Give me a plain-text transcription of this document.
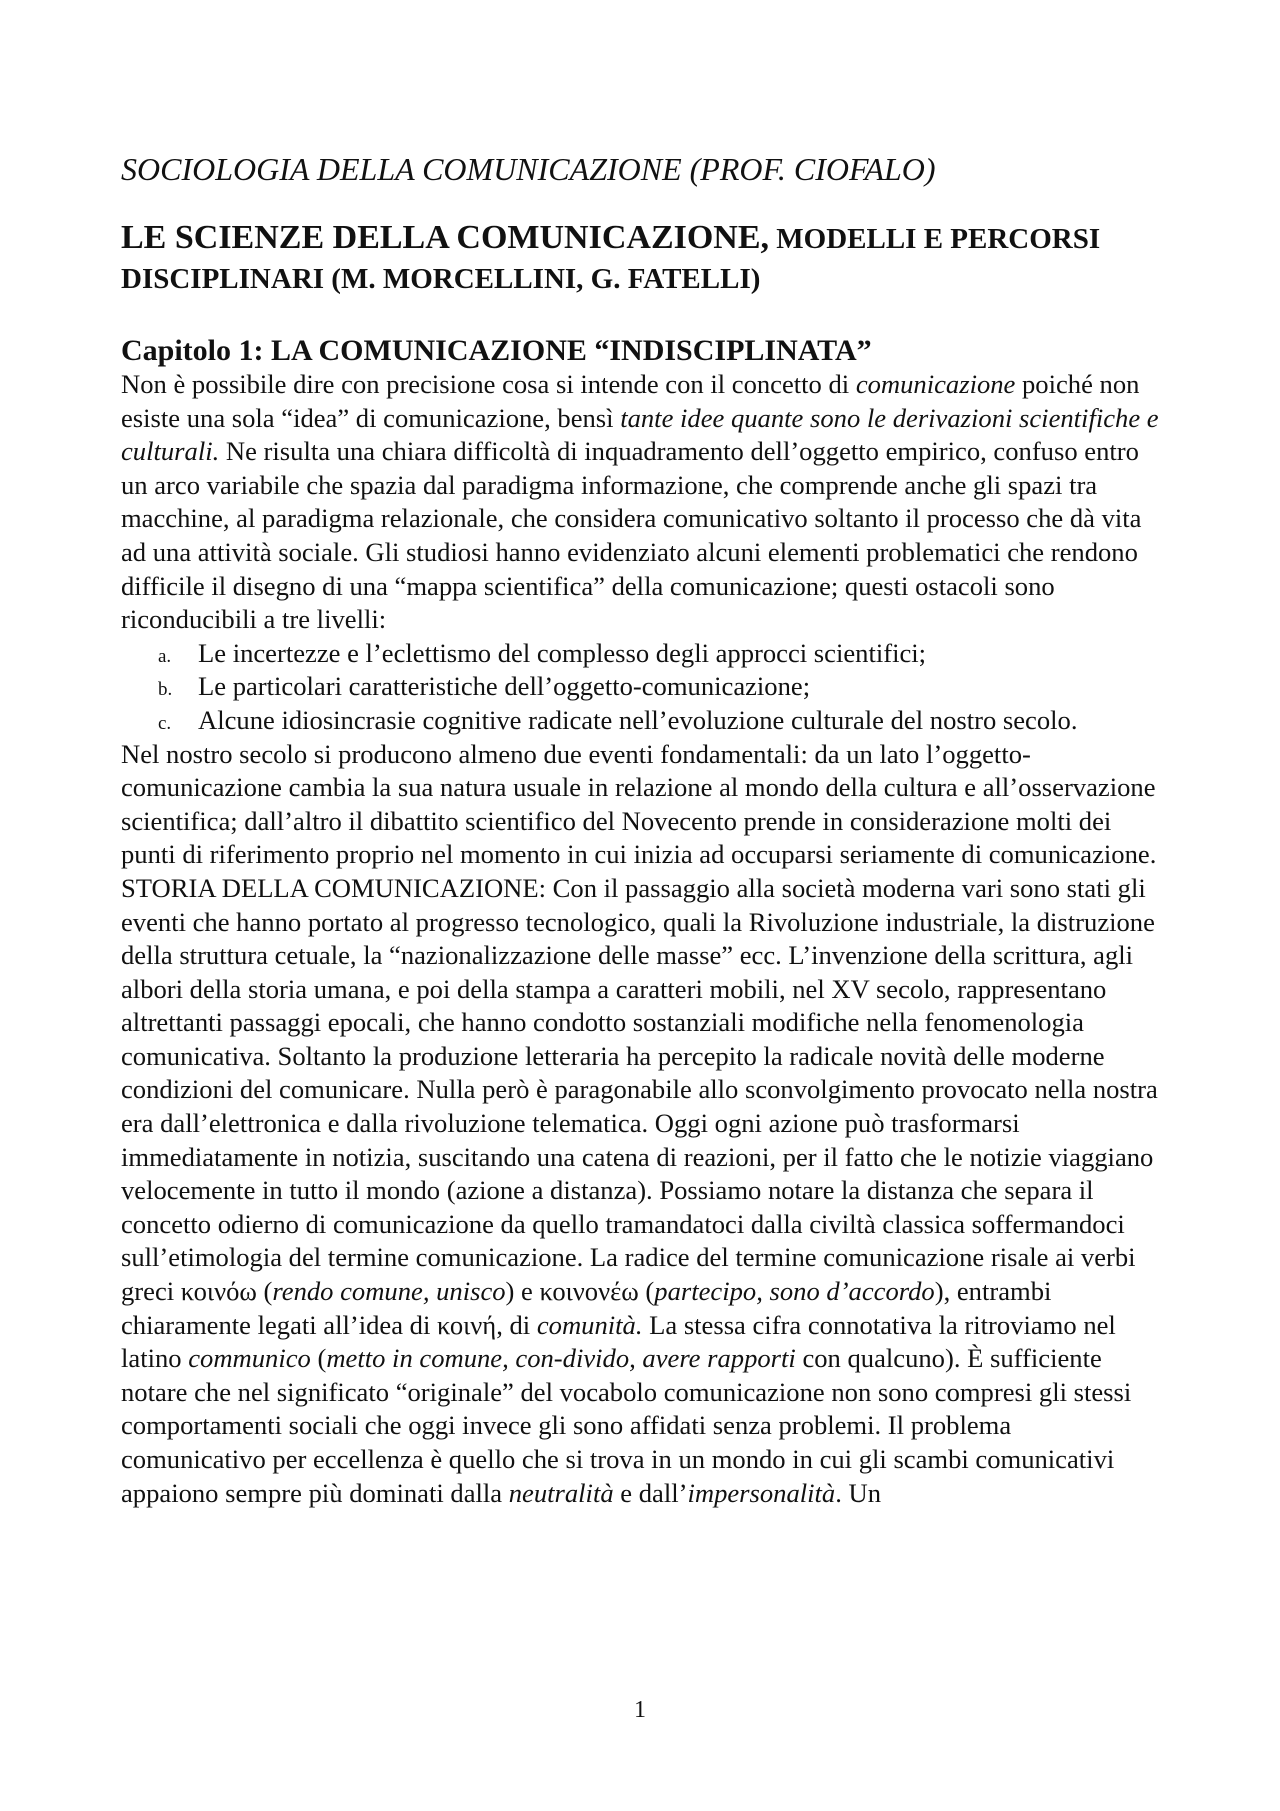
SOCIOLOGIA DELLA COMUNICAZIONE (PROF. CIOFALO)

LE SCIENZE DELLA COMUNICAZIONE, MODELLI E PERCORSI DISCIPLINARI (M. MORCELLINI, G. FATELLI)
Capitolo 1: LA COMUNICAZIONE “INDISCIPLINATA”

Non è possibile dire con precisione cosa si intende con il concetto di comunicazione poiché non esiste una sola “idea” di comunicazione, bensì tante idee quante sono le derivazioni scientifiche e culturali. Ne risulta una chiara difficoltà di inquadramento dell’oggetto empirico, confuso entro un arco variabile che spazia dal paradigma informazione, che comprende anche gli spazi tra macchine, al paradigma relazionale, che considera comunicativo soltanto il processo che dà vita ad una attività sociale. Gli studiosi hanno evidenziato alcuni elementi problematici che rendono difficile il disegno di una “mappa scientifica” della comunicazione; questi ostacoli sono riconducibili a tre livelli:

a. Le incertezze e l’eclettismo del complesso degli approcci scientifici;
b. Le particolari caratteristiche dell’oggetto-comunicazione;
c. Alcune idiosincrasie cognitive radicate nell’evoluzione culturale del nostro secolo.

Nel nostro secolo si producono almeno due eventi fondamentali: da un lato l’oggetto-comunicazione cambia la sua natura usuale in relazione al mondo della cultura e all’osservazione scientifica; dall’altro il dibattito scientifico del Novecento prende in considerazione molti dei punti di riferimento proprio nel momento in cui inizia ad occuparsi seriamente di comunicazione.

STORIA DELLA COMUNICAZIONE: Con il passaggio alla società moderna vari sono stati gli eventi che hanno portato al progresso tecnologico, quali la Rivoluzione industriale, la distruzione della struttura cetuale, la “nazionalizzazione delle masse” ecc. L’invenzione della scrittura, agli albori della storia umana, e poi della stampa a caratteri mobili, nel XV secolo, rappresentano altrettanti passaggi epocali, che hanno condotto sostanziali modifiche nella fenomenologia comunicativa. Soltanto la produzione letteraria ha percepito la radicale novità delle moderne condizioni del comunicare. Nulla però è paragonabile allo sconvolgimento provocato nella nostra era dall’elettronica e dalla rivoluzione telematica. Oggi ogni azione può trasformarsi immediatamente in notizia, suscitando una catena di reazioni, per il fatto che le notizie viaggiano velocemente in tutto il mondo (azione a distanza). Possiamo notare la distanza che separa il concetto odierno di comunicazione da quello tramandatoci dalla civiltà classica soffermandoci sull’etimologia del termine comunicazione. La radice del termine comunicazione risale ai verbi greci κοινόω (rendo comune, unisco) e κοινονέω (partecipo, sono d’accordo), entrambi chiaramente legati all’idea di κοινή, di comunità. La stessa cifra connotativa la ritroviamo nel latino communico (metto in comune, con-divido, avere rapporti con qualcuno). È sufficiente notare che nel significato “originale” del vocabolo comunicazione non sono compresi gli stessi comportamenti sociali che oggi invece gli sono affidati senza problemi. Il problema comunicativo per eccellenza è quello che si trova in un mondo in cui gli scambi comunicativi appaiono sempre più dominati dalla neutralità e dall’impersonalità. Un

1
